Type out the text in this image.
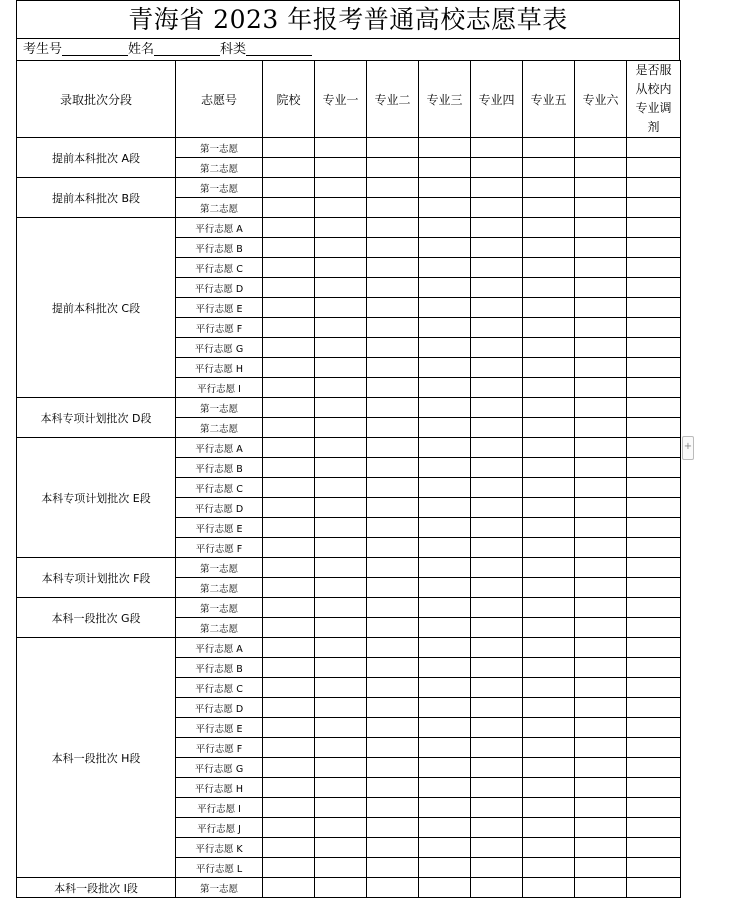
青海省 2023 年报考普通高校志愿草表
考生号	姓名	科类
录取批次分段	志愿号	院校	专业一	专业二	专业三	专业四	专业五	专业六	是否服
从校内
专业调
剂

提前本科批次 A段	第一志愿								
	第二志愿								
提前本科批次 B段	第一志愿								
	第二志愿								
提前本科批次 C段	平行志愿 A								
	平行志愿 B								
	平行志愿 C								
	平行志愿 D								
	平行志愿 E								
	平行志愿 F								
	平行志愿 G								
	平行志愿 H								
	平行志愿 I								
本科专项计划批次 D段	第一志愿								
	第二志愿								
本科专项计划批次 E段	平行志愿 A								
	平行志愿 B								
	平行志愿 C								
	平行志愿 D								
	平行志愿 E								
	平行志愿 F								
本科专项计划批次 F段	第一志愿								
	第二志愿								
本科一段批次 G段	第一志愿								
	第二志愿								
本科一段批次 H段	平行志愿 A								
	平行志愿 B								
	平行志愿 C								
	平行志愿 D								
	平行志愿 E								
	平行志愿 F								
	平行志愿 G								
	平行志愿 H								
	平行志愿 I								
	平行志愿 J								
	平行志愿 K								
	平行志愿 L								
本科一段批次 I段	第一志愿								
+
